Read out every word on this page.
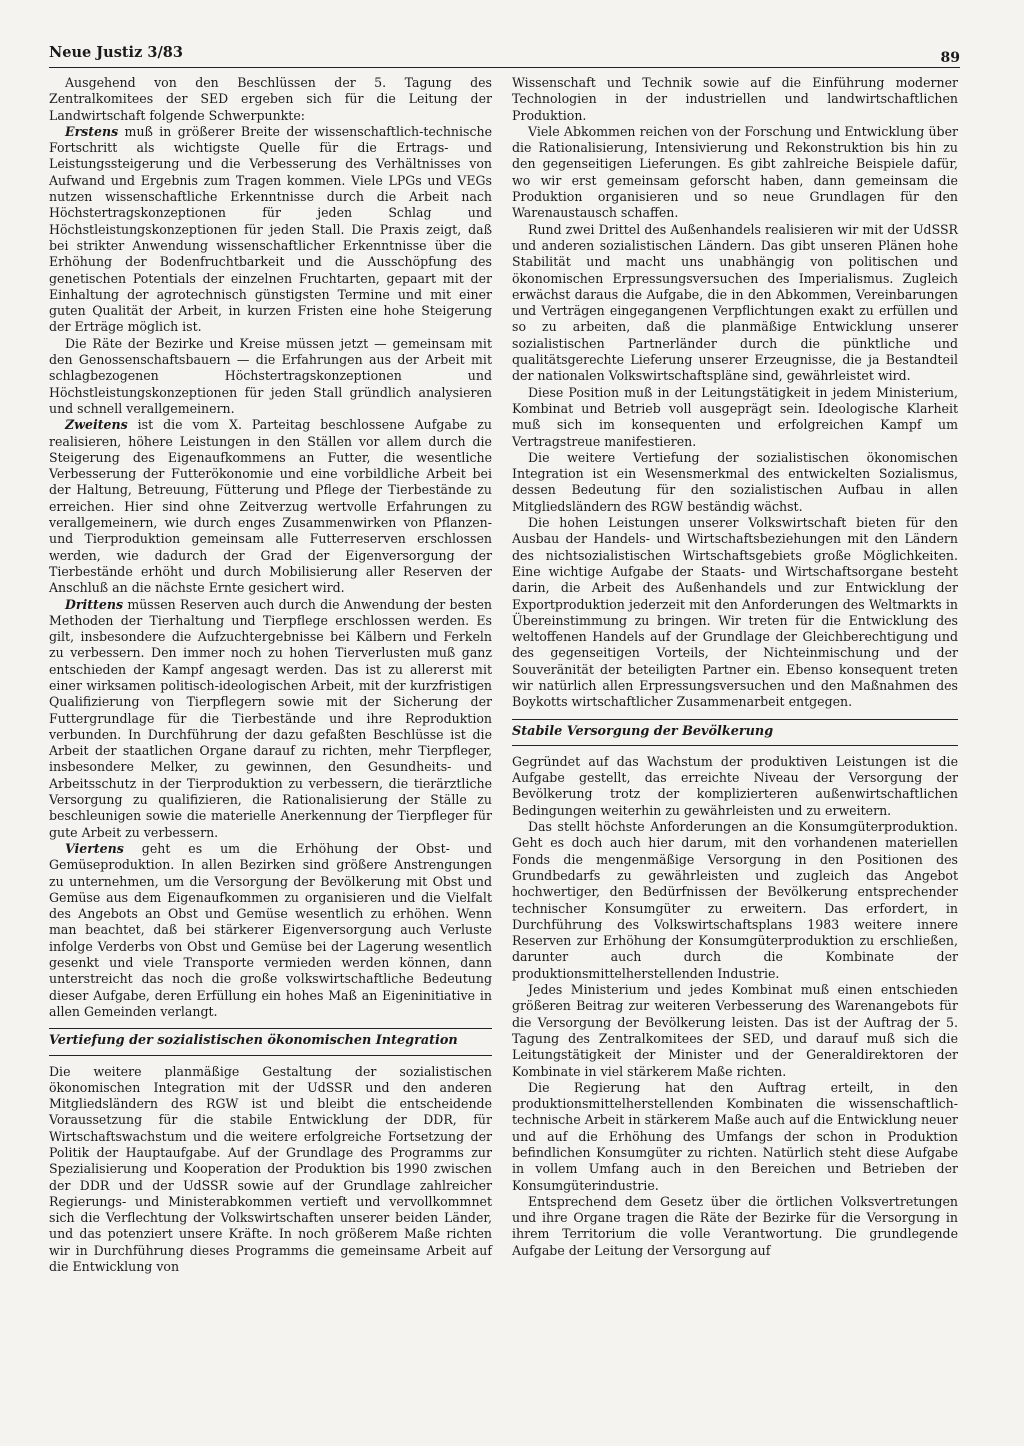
Neue Justiz 3/83	89

Ausgehend von den Beschlüssen der 5. Tagung des Zentralkomitees der SED ergeben sich für die Leitung der Landwirtschaft folgende Schwerpunkte:

Erstens muß in größerer Breite der wissenschaftlich-technische Fortschritt als wichtigste Quelle für die Ertrags- und Leistungssteigerung und die Verbesserung des Verhältnisses von Aufwand und Ergebnis zum Tragen kommen. Viele LPGs und VEGs nutzen wissenschaftliche Erkenntnisse durch die Arbeit nach Höchstertragskonzeptionen für jeden Schlag und Höchstleistungskonzeptionen für jeden Stall. Die Praxis zeigt, daß bei strikter Anwendung wissenschaftlicher Erkenntnisse über die Erhöhung der Bodenfruchtbarkeit und die Ausschöpfung des genetischen Potentials der einzelnen Fruchtarten, gepaart mit der Einhaltung der agrotechnisch günstigsten Termine und mit einer guten Qualität der Arbeit, in kurzen Fristen eine hohe Steigerung der Erträge möglich ist.

Die Räte der Bezirke und Kreise müssen jetzt — gemeinsam mit den Genossenschaftsbauern — die Erfahrungen aus der Arbeit mit schlagbezogenen Höchstertragskonzeptionen und Höchstleistungskonzeptionen für jeden Stall gründlich analysieren und schnell verallgemeinern.

Zweitens ist die vom X. Parteitag beschlossene Aufgabe zu realisieren, höhere Leistungen in den Ställen vor allem durch die Steigerung des Eigenaufkommens an Futter, die wesentliche Verbesserung der Futterökonomie und eine vorbildliche Arbeit bei der Haltung, Betreuung, Fütterung und Pflege der Tierbestände zu erreichen. Hier sind ohne Zeitverzug wertvolle Erfahrungen zu verallgemeinern, wie durch enges Zusammenwirken von Pflanzen- und Tierproduktion gemeinsam alle Futterreserven erschlossen werden, wie dadurch der Grad der Eigenversorgung der Tierbestände erhöht und durch Mobilisierung aller Reserven der Anschluß an die nächste Ernte gesichert wird.

Drittens müssen Reserven auch durch die Anwendung der besten Methoden der Tierhaltung und Tierpflege erschlossen werden. Es gilt, insbesondere die Aufzuchtergebnisse bei Kälbern und Ferkeln zu verbessern. Den immer noch zu hohen Tierverlusten muß ganz entschieden der Kampf angesagt werden. Das ist zu allererst mit einer wirksamen politisch-ideologischen Arbeit, mit der kurzfristigen Qualifizierung von Tierpflegern sowie mit der Sicherung der Futtergrundlage für die Tierbestände und ihre Reproduktion verbunden. In Durchführung der dazu gefaßten Beschlüsse ist die Arbeit der staatlichen Organe darauf zu richten, mehr Tierpfleger, insbesondere Melker, zu gewinnen, den Gesundheits- und Arbeitsschutz in der Tierproduktion zu verbessern, die tierärztliche Versorgung zu qualifizieren, die Rationalisierung der Ställe zu beschleunigen sowie die materielle Anerkennung der Tierpfleger für gute Arbeit zu verbessern.

Viertens geht es um die Erhöhung der Obst- und Gemüseproduktion. In allen Bezirken sind größere Anstrengungen zu unternehmen, um die Versorgung der Bevölkerung mit Obst und Gemüse aus dem Eigenaufkommen zu organisieren und die Vielfalt des Angebots an Obst und Gemüse wesentlich zu erhöhen. Wenn man beachtet, daß bei stärkerer Eigenversorgung auch Verluste infolge Verderbs von Obst und Gemüse bei der Lagerung wesentlich gesenkt und viele Transporte vermieden werden können, dann unterstreicht das noch die große volkswirtschaftliche Bedeutung dieser Aufgabe, deren Erfüllung ein hohes Maß an Eigeninitiative in allen Gemeinden verlangt.

Vertiefung der sozialistischen ökonomischen Integration

Die weitere planmäßige Gestaltung der sozialistischen ökonomischen Integration mit der UdSSR und den anderen Mitgliedsländern des RGW ist und bleibt die entscheidende Voraussetzung für die stabile Entwicklung der DDR, für Wirtschaftswachstum und die weitere erfolgreiche Fortsetzung der Politik der Hauptaufgabe. Auf der Grundlage des Programms zur Spezialisierung und Kooperation der Produktion bis 1990 zwischen der DDR und der UdSSR sowie auf der Grundlage zahlreicher Regierungs- und Ministerabkommen vertieft und vervollkommnet sich die Verflechtung der Volkswirtschaften unserer beiden Länder, und das potenziert unsere Kräfte. In noch größerem Maße richten wir in Durchführung dieses Programms die gemeinsame Arbeit auf die Entwicklung von

Wissenschaft und Technik sowie auf die Einführung moderner Technologien in der industriellen und landwirtschaftlichen Produktion.

Viele Abkommen reichen von der Forschung und Entwicklung über die Rationalisierung, Intensivierung und Rekonstruktion bis hin zu den gegenseitigen Lieferungen. Es gibt zahlreiche Beispiele dafür, wo wir erst gemeinsam geforscht haben, dann gemeinsam die Produktion organisieren und so neue Grundlagen für den Warenaustausch schaffen.

Rund zwei Drittel des Außenhandels realisieren wir mit der UdSSR und anderen sozialistischen Ländern. Das gibt unseren Plänen hohe Stabilität und macht uns unabhängig von politischen und ökonomischen Erpressungsversuchen des Imperialismus. Zugleich erwächst daraus die Aufgabe, die in den Abkommen, Vereinbarungen und Verträgen eingegangenen Verpflichtungen exakt zu erfüllen und so zu arbeiten, daß die planmäßige Entwicklung unserer sozialistischen Partnerländer durch die pünktliche und qualitätsgerechte Lieferung unserer Erzeugnisse, die ja Bestandteil der nationalen Volkswirtschaftspläne sind, gewährleistet wird.

Diese Position muß in der Leitungstätigkeit in jedem Ministerium, Kombinat und Betrieb voll ausgeprägt sein. Ideologische Klarheit muß sich im konsequenten und erfolgreichen Kampf um Vertragstreue manifestieren.

Die weitere Vertiefung der sozialistischen ökonomischen Integration ist ein Wesensmerkmal des entwickelten Sozialismus, dessen Bedeutung für den sozialistischen Aufbau in allen Mitgliedsländern des RGW beständig wächst.

Die hohen Leistungen unserer Volkswirtschaft bieten für den Ausbau der Handels- und Wirtschaftsbeziehungen mit den Ländern des nichtsozialistischen Wirtschaftsgebiets große Möglichkeiten. Eine wichtige Aufgabe der Staats- und Wirtschaftsorgane besteht darin, die Arbeit des Außenhandels und zur Entwicklung der Exportproduktion jederzeit mit den Anforderungen des Weltmarkts in Übereinstimmung zu bringen. Wir treten für die Entwicklung des weltoffenen Handels auf der Grundlage der Gleichberechtigung und des gegenseitigen Vorteils, der Nichteinmischung und der Souveränität der beteiligten Partner ein. Ebenso konsequent treten wir natürlich allen Erpressungsversuchen und den Maßnahmen des Boykotts wirtschaftlicher Zusammenarbeit entgegen.

Stabile Versorgung der Bevölkerung

Gegründet auf das Wachstum der produktiven Leistungen ist die Aufgabe gestellt, das erreichte Niveau der Versorgung der Bevölkerung trotz der komplizierteren außenwirtschaftlichen Bedingungen weiterhin zu gewährleisten und zu erweitern.

Das stellt höchste Anforderungen an die Konsumgüterproduktion. Geht es doch auch hier darum, mit den vorhandenen materiellen Fonds die mengenmäßige Versorgung in den Positionen des Grundbedarfs zu gewährleisten und zugleich das Angebot hochwertiger, den Bedürfnissen der Bevölkerung entsprechender technischer Konsumgüter zu erweitern. Das erfordert, in Durchführung des Volkswirtschaftsplans 1983 weitere innere Reserven zur Erhöhung der Konsumgüterproduktion zu erschließen, darunter auch durch die Kombinate der produktionsmittelherstellenden Industrie.

Jedes Ministerium und jedes Kombinat muß einen entschieden größeren Beitrag zur weiteren Verbesserung des Warenangebots für die Versorgung der Bevölkerung leisten. Das ist der Auftrag der 5. Tagung des Zentralkomitees der SED, und darauf muß sich die Leitungstätigkeit der Minister und der Generaldirektoren der Kombinate in viel stärkerem Maße richten.

Die Regierung hat den Auftrag erteilt, in den produktionsmittelherstellenden Kombinaten die wissenschaftlich-technische Arbeit in stärkerem Maße auch auf die Entwicklung neuer und auf die Erhöhung des Umfangs der schon in Produktion befindlichen Konsumgüter zu richten. Natürlich steht diese Aufgabe in vollem Umfang auch in den Bereichen und Betrieben der Konsumgüterindustrie.

Entsprechend dem Gesetz über die örtlichen Volksvertretungen und ihre Organe tragen die Räte der Bezirke für die Versorgung in ihrem Territorium die volle Verantwortung. Die grundlegende Aufgabe der Leitung der Versorgung auf
